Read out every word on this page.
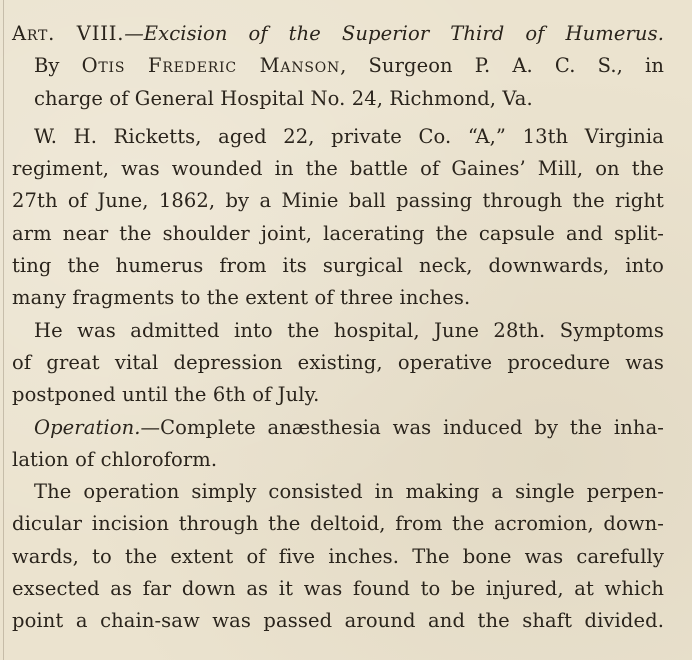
Art. VIII.—Excision of the Superior Third of Humerus.
By Otis Frederic Manson, Surgeon P. A. C. S., in
charge of General Hospital No. 24, Richmond, Va.
W. H. Ricketts, aged 22, private Co. “A,” 13th Virginia
regiment, was wounded in the battle of Gaines’ Mill, on the
27th of June, 1862, by a Minie ball passing through the right
arm near the shoulder joint, lacerating the capsule and split-
ting the humerus from its surgical neck, downwards, into
many fragments to the extent of three inches.
He was admitted into the hospital, June 28th. Symptoms
of great vital depression existing, operative procedure was
postponed until the 6th of July.
Operation.—Complete anæsthesia was induced by the inha-
lation of chloroform.
The operation simply consisted in making a single perpen-
dicular incision through the deltoid, from the acromion, down-
wards, to the extent of five inches. The bone was carefully
exsected as far down as it was found to be injured, at which
point a chain-saw was passed around and the shaft divided.
